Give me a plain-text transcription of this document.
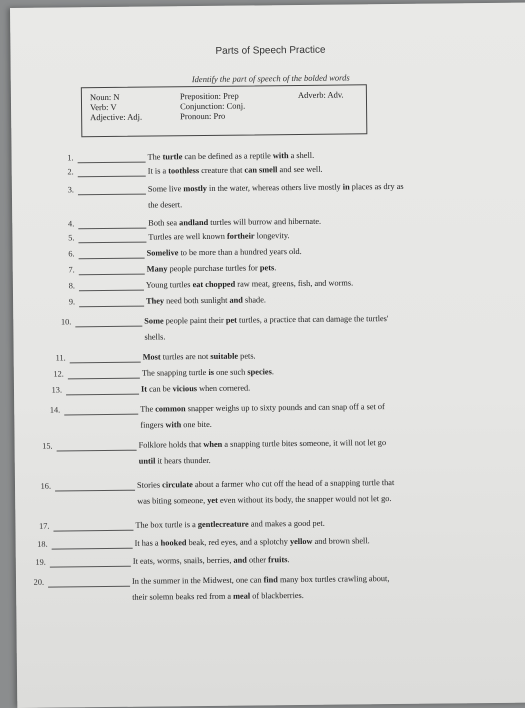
Parts of Speech Practice
Identify the part of speech of the bolded words
Noun: N
Verb: V
Adjective: Adj.
Preposition: Prep
Conjunction: Conj.
Pronoun: Pro
Adverb: Adv.
1.	The turtle can be defined as a reptile with a shell.
2.	It is a toothless creature that can smell and see well.
3.	Some live mostly in the water, whereas others live mostly in places as dry as
the desert.
4.	Both sea andland turtles will burrow and hibernate.
5.	Turtles are well known fortheir longevity.
6.	Somelive to be more than a hundred years old.
7.	Many people purchase turtles for pets.
8.	Young turtles eat chopped raw meat, greens, fish, and worms.
9.	They need both sunlight and shade.
10.	Some people paint their pet turtles, a practice that can damage the turtles'
shells.
11.	Most turtles are not suitable pets.
12.	The snapping turtle is one such species.
13.	It can be vicious when cornered.
14.	The common snapper weighs up to sixty pounds and can snap off a set of
fingers with one bite.
15.	Folklore holds that when a snapping turtle bites someone, it will not let go
until it hears thunder.
16.	Stories circulate about a farmer who cut off the head of a snapping turtle that
was biting someone, yet even without its body, the snapper would not let go.
17.	The box turtle is a gentlecreature and makes a good pet.
18.	It has a hooked beak, red eyes, and a splotchy yellow and brown shell.
19.	It eats, worms, snails, berries, and other fruits.
20.	In the summer in the Midwest, one can find many box turtles crawling about,
their solemn beaks red from a meal of blackberries.
